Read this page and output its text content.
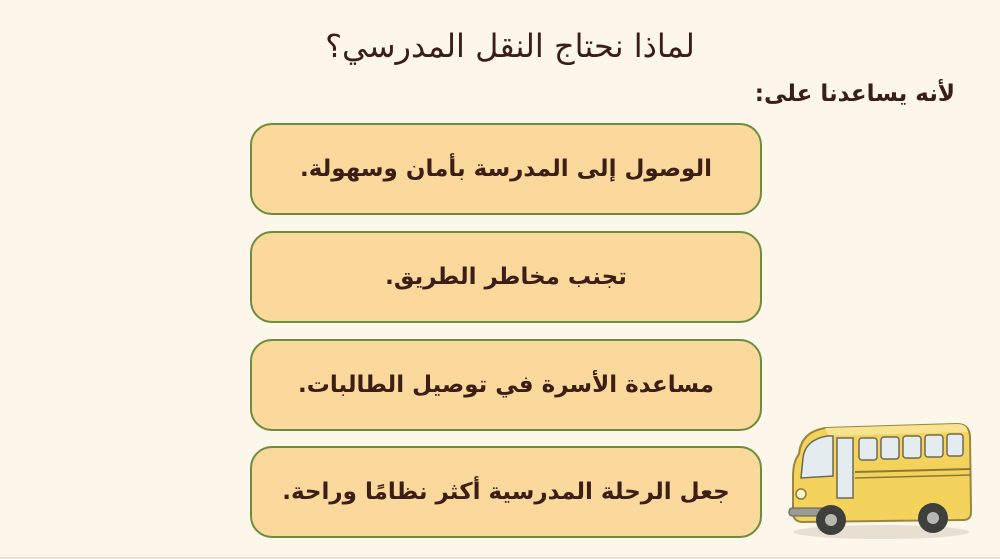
لماذا نحتاج النقل المدرسي؟
لأنه يساعدنا على:
الوصول إلى المدرسة بأمان وسهولة.
تجنب مخاطر الطريق.
مساعدة الأسرة في توصيل الطالبات.
جعل الرحلة المدرسية أكثر نظامًا وراحة.
